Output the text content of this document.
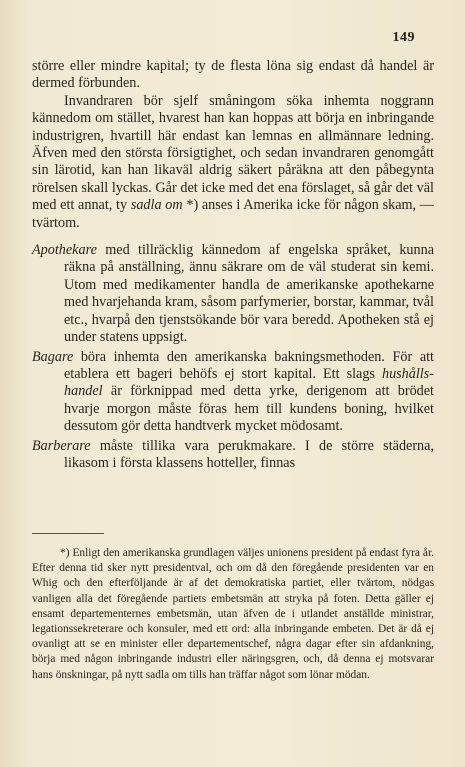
149

större eller mindre kapital; ty de flesta löna sig endast då handel är dermed förbunden.

Invandraren bör sjelf småningom söka inhemta noggrann kännedom om stället, hvarest han kan hoppas att börja en inbringande industrigren, hvartill här endast kan lemnas en allmännare ledning. Äfven med den största försigtighet, och sedan invandraren genomgått sin lärotid, kan han likaväl aldrig säkert påräkna att den påbegynta rörelsen skall lyckas. Går det icke med det ena förslaget, så går det väl med ett annat, ty sadla om *) anses i Amerika icke för någon skam, — tvärtom.

Apothekare med tillräcklig kännedom af engelska språket, kunna räkna på anställning, ännu säkrare om de väl studerat sin kemi. Utom med medikamenter handla de amerikanske apothekarne med hvarjehanda kram, såsom parfymerier, borstar, kammar, tvål etc., hvarpå den tjenstsökande bör vara beredd. Apotheken stå ej under statens uppsigt.

Bagare böra inhemta den amerikanska bakningsmethoden. För att etablera ett bageri behöfs ej stort kapital. Ett slags hushålls-handel är förknippad med detta yrke, derigenom att brödet hvarje morgon måste föras hem till kundens boning, hvilket dessutom gör detta handtverk mycket mödosamt.

Barberare måste tillika vara perukmakare. I de större städerna, likasom i första klassens hotteller, finnas

*) Enligt den amerikanska grundlagen väljes unionens president på endast fyra år. Efter denna tid sker nytt presidentval, och om då den föregående presidenten var en Whig och den efterföljande är af det demokratiska partiet, eller tvärtom, nödgas vanligen alla det föregående partiets embetsmän att stryka på foten. Detta gäller ej ensamt departementernes embetsmän, utan äfven de i utlandet anställde ministrar, legationssekreterare och konsuler, med ett ord: alla inbringande embeten. Det är då ej ovanligt att se en minister eller departementschef, några dagar efter sin afdankning, börja med någon inbringande industri eller näringsgren, och, då denna ej motsvarar hans önskningar, på nytt sadla om tills han träffar något som lönar mödan.
